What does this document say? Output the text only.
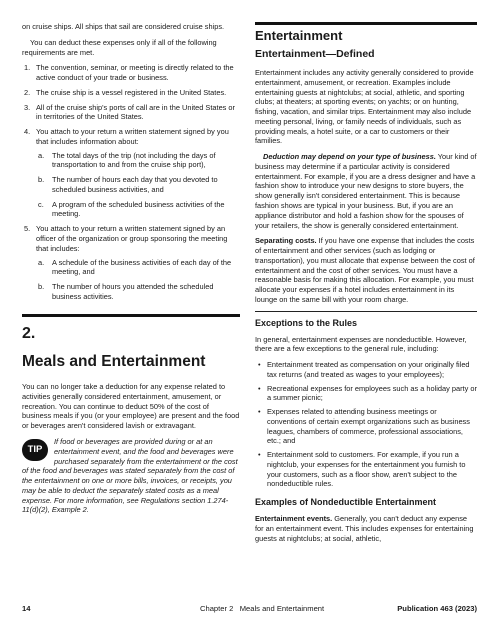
on cruise ships. All ships that sail are considered cruise ships.

You can deduct these expenses only if all of the following requirements are met.

1. The convention, seminar, or meeting is directly related to the active conduct of your trade or business.
2. The cruise ship is a vessel registered in the United States.
3. All of the cruise ship's ports of call are in the United States or in territories of the United States.
4. You attach to your return a written statement signed by you that includes information about:
a. The total days of the trip (not including the days of transportation to and from the cruise ship port),
b. The number of hours each day that you devoted to scheduled business activities, and
c. A program of the scheduled business activities of the meeting.
5. You attach to your return a written statement signed by an officer of the organization or group sponsoring the meeting that includes:
a. A schedule of the business activities of each day of the meeting, and
b. The number of hours you attended the scheduled business activities.
2.
Meals and Entertainment

You can no longer take a deduction for any expense related to activities generally considered entertainment, amusement, or recreation. You can continue to deduct 50% of the cost of business meals if you (or your employee) are present and the food or beverages aren't considered lavish or extravagant.

TIP
If food or beverages are provided during or at an entertainment event, and the food and beverages were purchased separately from the entertainment or the cost of the food and beverages was stated separately from the cost of the entertainment on one or more bills, invoices, or receipts, you may be able to deduct the separately stated costs as a meal expense. For more information, see Regulations section 1.274-11(d)(2), Example 2.
Entertainment
Entertainment—Defined

Entertainment includes any activity generally considered to provide entertainment, amusement, or recreation. Examples include entertaining guests at nightclubs; at social, athletic, and sporting clubs; at theaters; at sporting events; on yachts; or on hunting, fishing, vacation, and similar trips. Entertainment may also include meeting personal, living, or family needs of individuals, such as providing meals, a hotel suite, or a car to customers or their families.

Deduction may depend on your type of business. Your kind of business may determine if a particular activity is considered entertainment. For example, if you are a dress designer and have a fashion show to introduce your new designs to store buyers, the show generally isn't considered entertainment. This is because fashion shows are typical in your business. But, if you are an appliance distributor and hold a fashion show for the spouses of your retailers, the show is generally considered entertainment.

Separating costs. If you have one expense that includes the costs of entertainment and other services (such as lodging or transportation), you must allocate that expense between the cost of entertainment and the cost of other services. You must have a reasonable basis for making this allocation. For example, you must allocate your expenses if a hotel includes entertainment in its lounge on the same bill with your room charge.

Exceptions to the Rules

In general, entertainment expenses are nondeductible. However, there are a few exceptions to the general rule, including:

• Entertainment treated as compensation on your originally filed tax returns (and treated as wages to your employees);
• Recreational expenses for employees such as a holiday party or a summer picnic;
• Expenses related to attending business meetings or conventions of certain exempt organizations such as business leagues, chambers of commerce, professional associations, etc.; and
• Entertainment sold to customers. For example, if you run a nightclub, your expenses for the entertainment you furnish to your customers, such as a floor show, aren't subject to the nondeductible rules.
Examples of Nondeductible Entertainment

Entertainment events. Generally, you can't deduct any expense for an entertainment event. This includes expenses for entertaining guests at nightclubs; at social, athletic,

14	Chapter 2 Meals and Entertainment	Publication 463 (2023)
